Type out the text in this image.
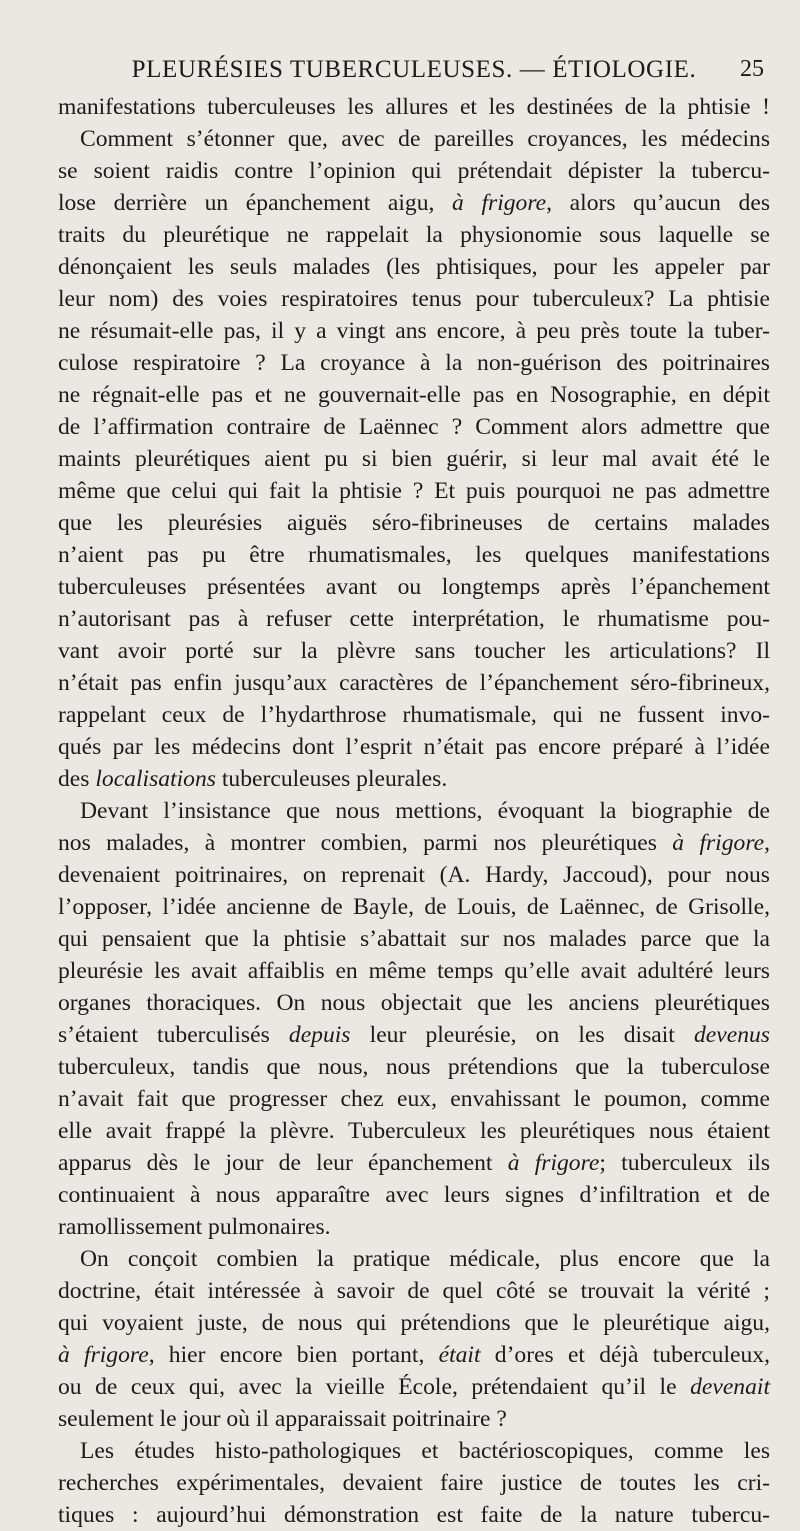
PLEURÉSIES TUBERCULEUSES. — ÉTIOLOGIE.	25
manifestations tuberculeuses les allures et les destinées de la phtisie !
Comment s’étonner que, avec de pareilles croyances, les médecins
se soient raidis contre l’opinion qui prétendait dépister la tubercu-
lose derrière un épanchement aigu, à frigore, alors qu’aucun des
traits du pleurétique ne rappelait la physionomie sous laquelle se
dénonçaient les seuls malades (les phtisiques, pour les appeler par
leur nom) des voies respiratoires tenus pour tuberculeux? La phtisie
ne résumait-elle pas, il y a vingt ans encore, à peu près toute la tuber-
culose respiratoire ? La croyance à la non-guérison des poitrinaires
ne régnait-elle pas et ne gouvernait-elle pas en Nosographie, en dépit
de l’affirmation contraire de Laënnec ? Comment alors admettre que
maints pleurétiques aient pu si bien guérir, si leur mal avait été le
même que celui qui fait la phtisie ? Et puis pourquoi ne pas admettre
que les pleurésies aiguës séro-fibrineuses de certains malades
n’aient pas pu être rhumatismales, les quelques manifestations
tuberculeuses présentées avant ou longtemps après l’épanchement
n’autorisant pas à refuser cette interprétation, le rhumatisme pou-
vant avoir porté sur la plèvre sans toucher les articulations? Il
n’était pas enfin jusqu’aux caractères de l’épanchement séro-fibrineux,
rappelant ceux de l’hydarthrose rhumatismale, qui ne fussent invo-
qués par les médecins dont l’esprit n’était pas encore préparé à l’idée
des localisations tuberculeuses pleurales.
Devant l’insistance que nous mettions, évoquant la biographie de
nos malades, à montrer combien, parmi nos pleurétiques à frigore,
devenaient poitrinaires, on reprenait (A. Hardy, Jaccoud), pour nous
l’opposer, l’idée ancienne de Bayle, de Louis, de Laënnec, de Grisolle,
qui pensaient que la phtisie s’abattait sur nos malades parce que la
pleurésie les avait affaiblis en même temps qu’elle avait adultéré leurs
organes thoraciques. On nous objectait que les anciens pleurétiques
s’étaient tuberculisés depuis leur pleurésie, on les disait devenus
tuberculeux, tandis que nous, nous prétendions que la tuberculose
n’avait fait que progresser chez eux, envahissant le poumon, comme
elle avait frappé la plèvre. Tuberculeux les pleurétiques nous étaient
apparus dès le jour de leur épanchement à frigore; tuberculeux ils
continuaient à nous apparaître avec leurs signes d’infiltration et de
ramollissement pulmonaires.
On conçoit combien la pratique médicale, plus encore que la
doctrine, était intéressée à savoir de quel côté se trouvait la vérité ;
qui voyaient juste, de nous qui prétendions que le pleurétique aigu,
à frigore, hier encore bien portant, était d’ores et déjà tuberculeux,
ou de ceux qui, avec la vieille École, prétendaient qu’il le devenait
seulement le jour où il apparaissait poitrinaire ?
Les études histo-pathologiques et bactérioscopiques, comme les
recherches expérimentales, devaient faire justice de toutes les cri-
tiques : aujourd’hui démonstration est faite de la nature tubercu-
